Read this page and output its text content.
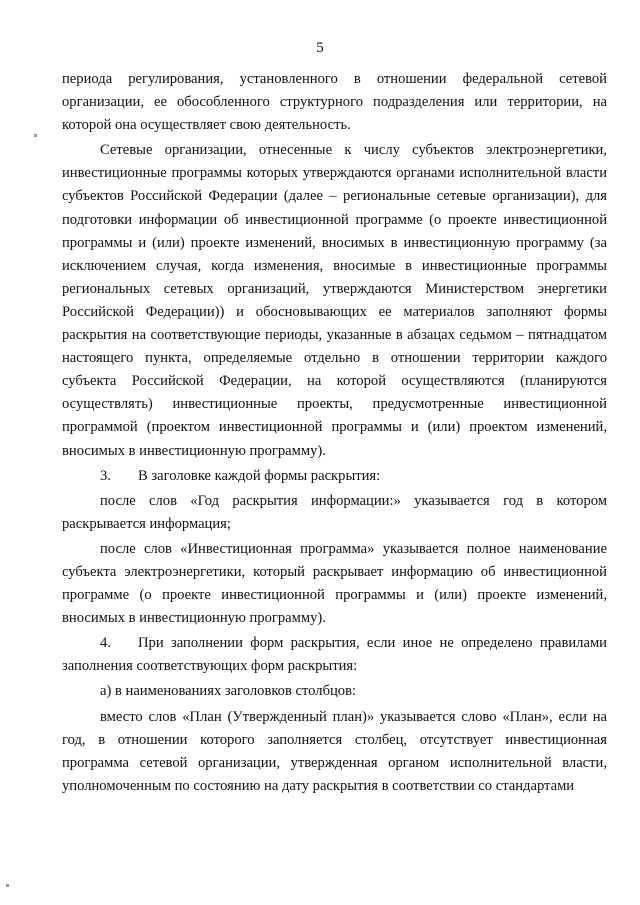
5

периода регулирования, установленного в отношении федеральной сетевой организации, ее обособленного структурного подразделения или территории, на которой она осуществляет свою деятельность.

Сетевые организации, отнесенные к числу субъектов электроэнергетики, инвестиционные программы которых утверждаются органами исполнительной власти субъектов Российской Федерации (далее – региональные сетевые организации), для подготовки информации об инвестиционной программе (о проекте инвестиционной программы и (или) проекте изменений, вносимых в инвестиционную программу (за исключением случая, когда изменения, вносимые в инвестиционные программы региональных сетевых организаций, утверждаются Министерством энергетики Российской Федерации)) и обосновывающих ее материалов заполняют формы раскрытия на соответствующие периоды, указанные в абзацах седьмом – пятнадцатом настоящего пункта, определяемые отдельно в отношении территории каждого субъекта Российской Федерации, на которой осуществляются (планируются осуществлять) инвестиционные проекты, предусмотренные инвестиционной программой (проектом инвестиционной программы и (или) проектом изменений, вносимых в инвестиционную программу).

3. В заголовке каждой формы раскрытия:

после слов «Год раскрытия информации:» указывается год в котором раскрывается информация;

после слов «Инвестиционная программа» указывается полное наименование субъекта электроэнергетики, который раскрывает информацию об инвестиционной программе (о проекте инвестиционной программы и (или) проекте изменений, вносимых в инвестиционную программу).

4. При заполнении форм раскрытия, если иное не определено правилами заполнения соответствующих форм раскрытия:

а) в наименованиях заголовков столбцов:

вместо слов «План (Утвержденный план)» указывается слово «План», если на год, в отношении которого заполняется столбец, отсутствует инвестиционная программа сетевой организации, утвержденная органом исполнительной власти, уполномоченным по состоянию на дату раскрытия в соответствии со стандартами
